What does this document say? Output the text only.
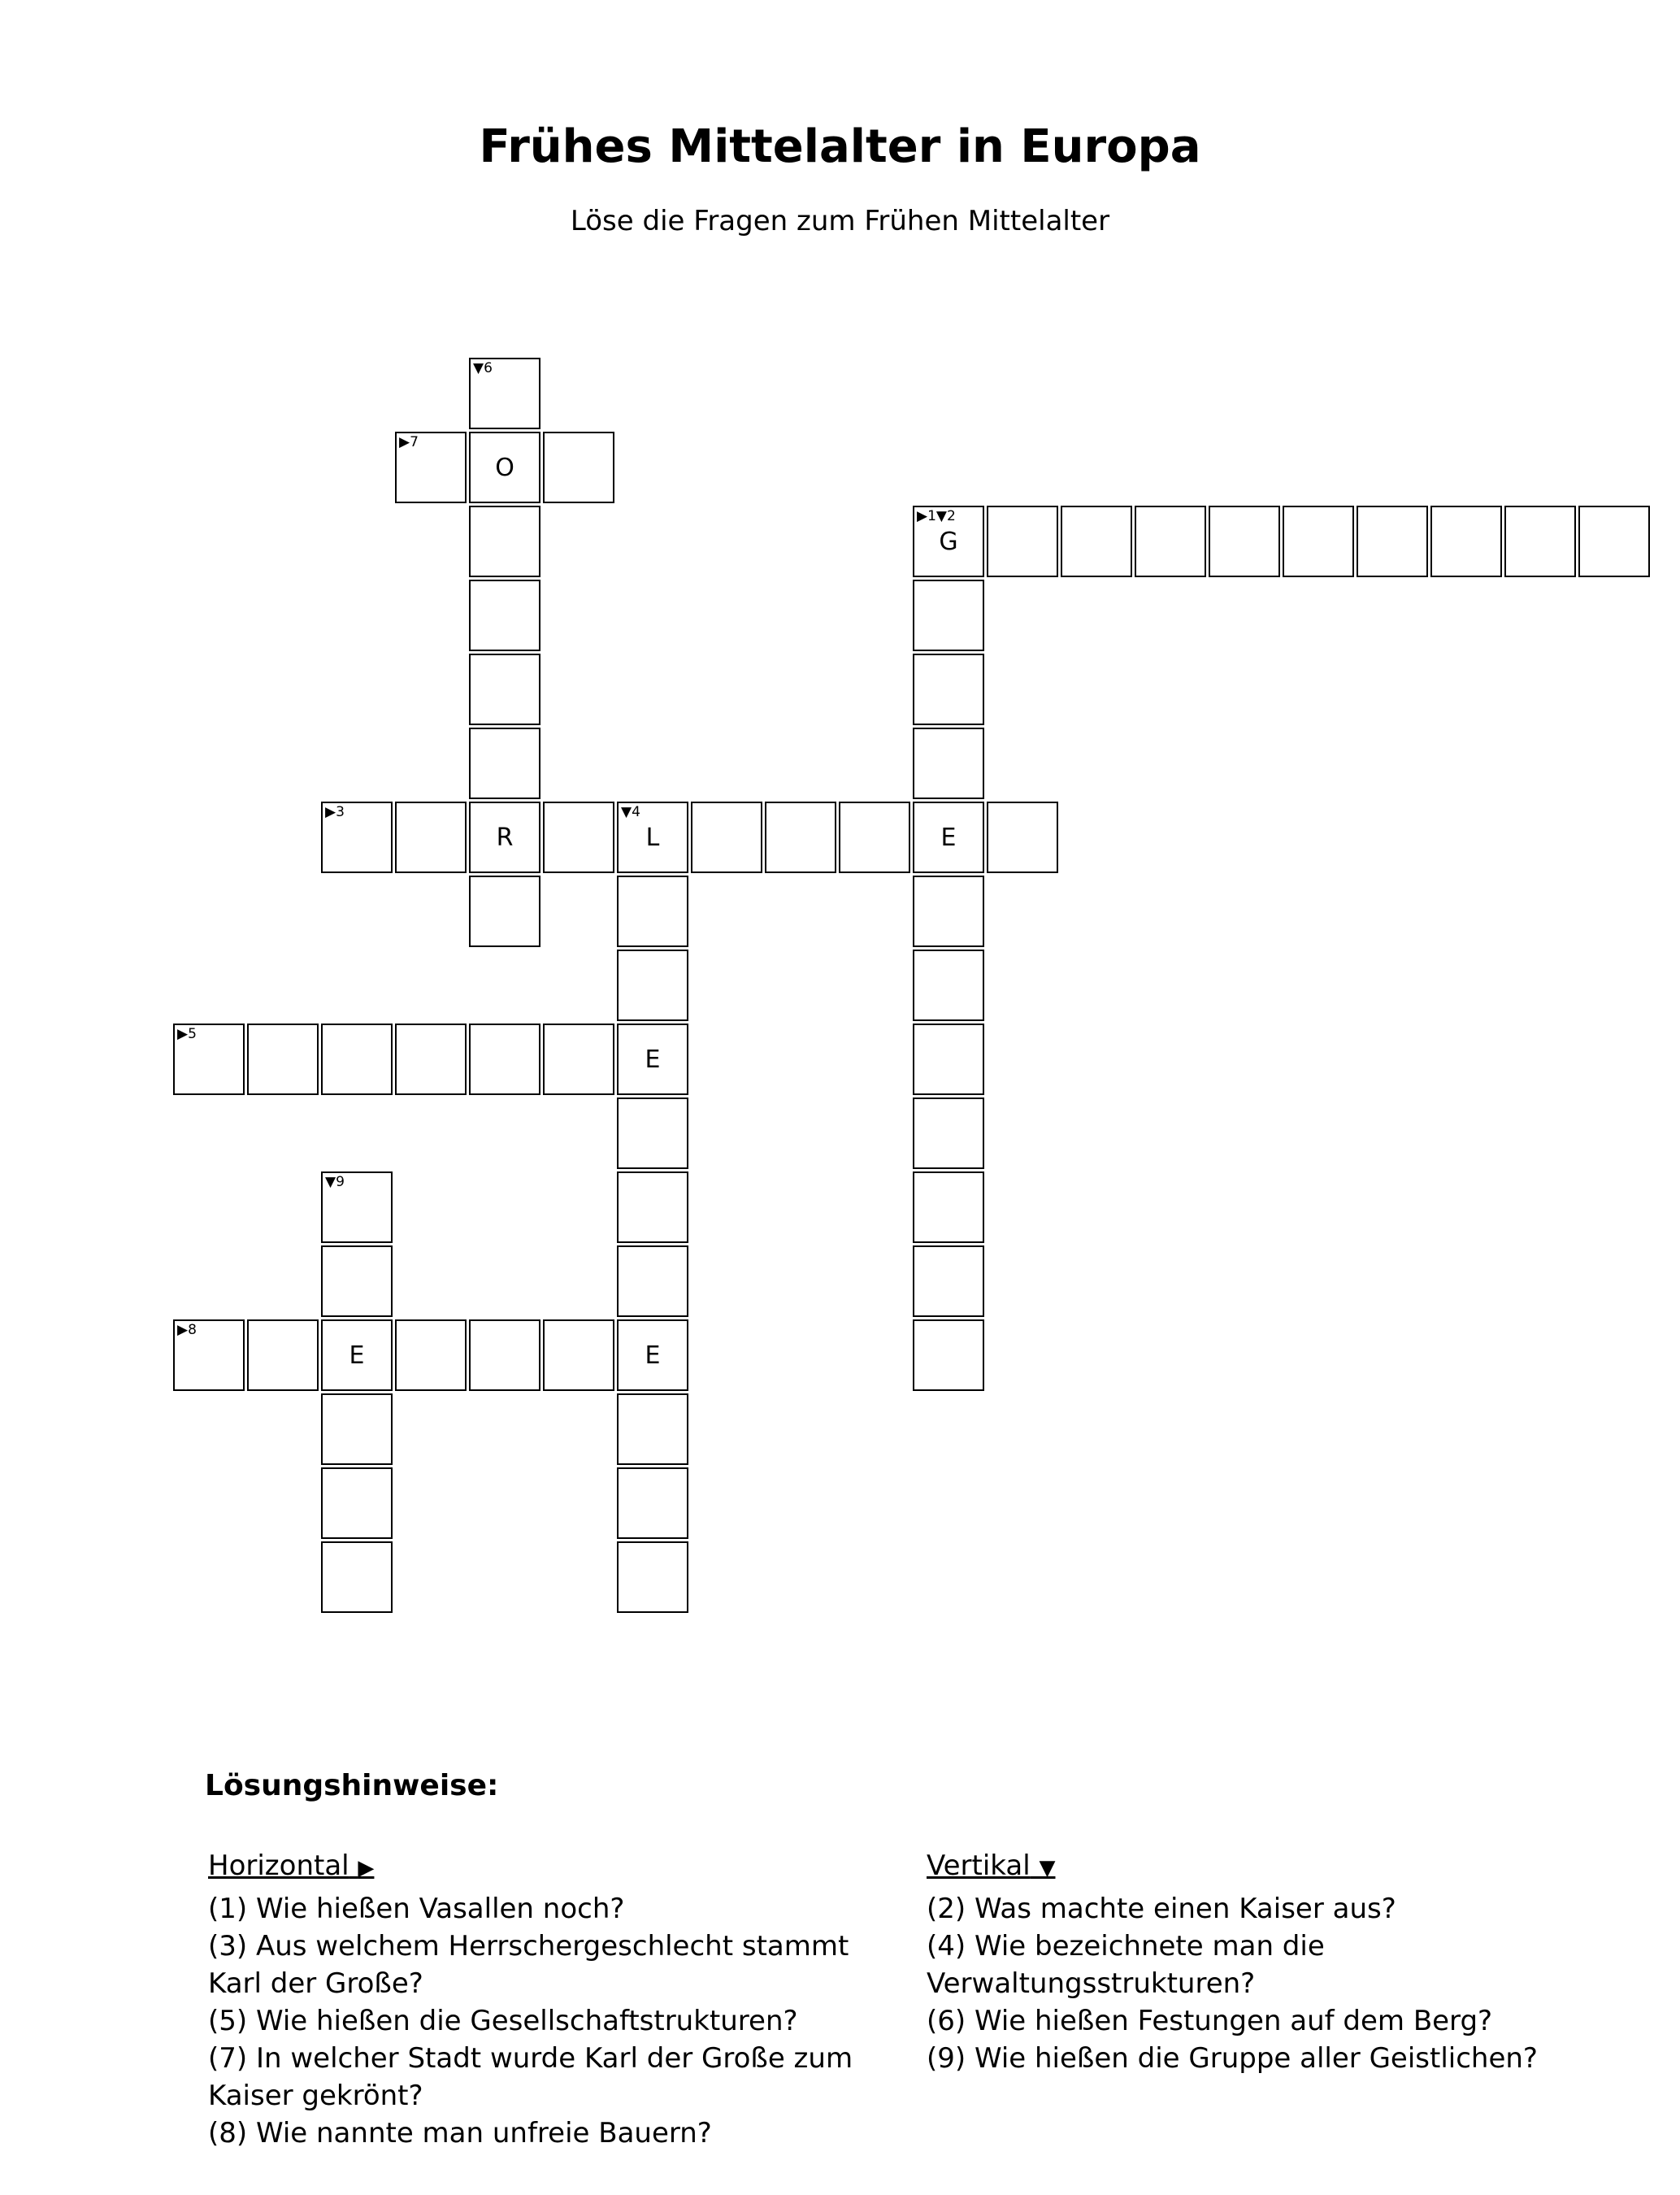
Frühes Mittelalter in Europa
Löse die Fragen zum Frühen Mittelalter
▼6
▶7
O
▶1▼2
G
▶3
R
▼4
L	E
▶5
E
▼9
▶8
E	E
Lösungshinweise:
Horizontal ▶
(1) Wie hießen Vasallen noch?
(3) Aus welchem Herrschergeschlecht stammt Karl der Große?
(5) Wie hießen die Gesellschaftstrukturen?
(7) In welcher Stadt wurde Karl der Große zum Kaiser gekrönt?
(8) Wie nannte man unfreie Bauern?
Vertikal ▼
(2) Was machte einen Kaiser aus?
(4) Wie bezeichnete man die Verwaltungsstrukturen?
(6) Wie hießen Festungen auf dem Berg?
(9) Wie hießen die Gruppe aller Geistlichen?
